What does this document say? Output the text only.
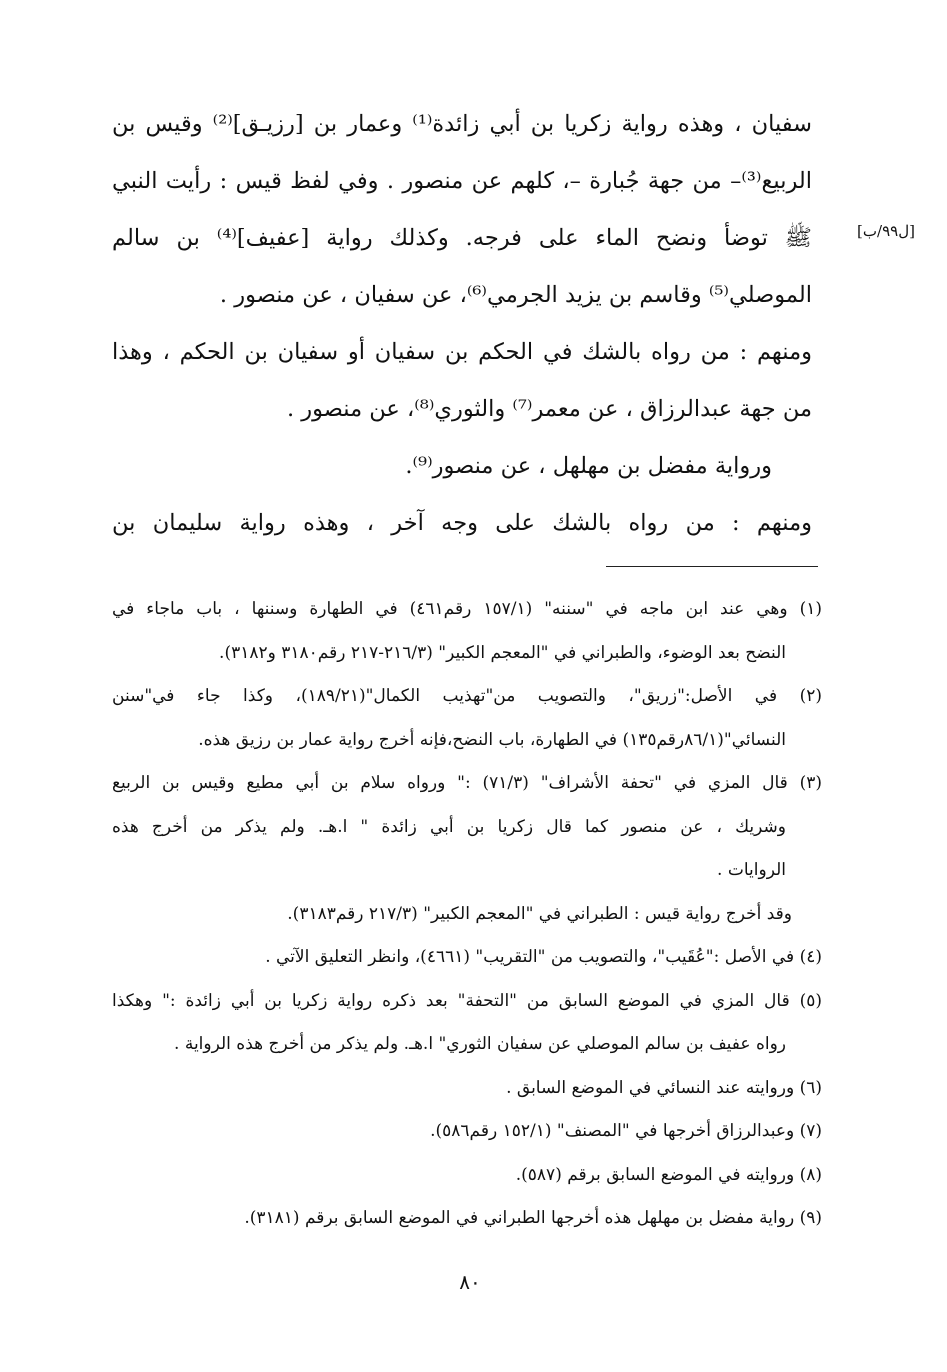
[ل٩٩/ب]
سفيان ، وهذه رواية زكريا بن أبي زائدة⁽¹⁾ وعمار بن [رزيـق]⁽²⁾ وقيس بن
الربيع⁽³⁾– من جهة جُبارة –، كلهم عن منصور . وفي لفظ قيس : رأيت النبي
ﷺ توضأ ونضح الماء على فرجه. وكذلك رواية [عفيف]⁽⁴⁾ بن سالم
الموصلي⁽⁵⁾ وقاسم بن يزيد الجرمي⁽⁶⁾، عن سفيان ، عن منصور .
ومنهم : من رواه بالشك في الحكم بن سفيان أو سفيان بن الحكم ، وهذا
من جهة عبدالرزاق ، عن معمر⁽⁷⁾ والثوري⁽⁸⁾، عن منصور .
ورواية مفضل بن مهلهل ، عن منصور⁽⁹⁾.
ومنهم : من رواه بالشك على وجه آخر ، وهذه رواية سليمان بن
(١) وهي عند ابن ماجه في "سننه" (١٥٧/١ رقم٤٦١) في الطهارة وسننها ، باب ماجاء في
النضح بعد الوضوء، والطبراني في "المعجم الكبير" (٢١٦/٣-٢١٧ رقم٣١٨٠ و٣١٨٢).
(٢) في الأصل:"زريق"، والتصويب من"تهذيب الكمال"(١٨٩/٢١)، وكذا جاء في"سنن
النسائي"(٨٦/١رقم١٣٥) في الطهارة، باب النضح،فإنه أخرج رواية عمار بن رزيق هذه.
(٣) قال المزي في "تحفة الأشراف" (٧١/٣) :" ورواه سلام بن أبي مطيع وقيس بن الربيع
وشريك ، عن منصور كما قال زكريا بن أبي زائدة " ا.هـ. ولم يذكر من أخرج هذه
الروايات .
وقد أخرج رواية قيس : الطبراني في "المعجم الكبير" (٢١٧/٣ رقم٣١٨٣).
(٤) في الأصل :"عُقَيب"، والتصويب من "التقريب" (٤٦٦١)، وانظر التعليق الآتي .
(٥) قال المزي في الموضع السابق من "التحفة" بعد ذكره رواية زكريا بن أبي زائدة :" وهكذا
رواه عفيف بن سالم الموصلي عن سفيان الثوري" ا.هـ. ولم يذكر من أخرج هذه الرواية .
(٦) وروايته عند النسائي في الموضع السابق .
(٧) وعبدالرزاق أخرجها في "المصنف" (١٥٢/١ رقم٥٨٦).
(٨) وروايته في الموضع السابق برقم (٥٨٧).
(٩) رواية مفضل بن مهلهل هذه أخرجها الطبراني في الموضع السابق برقم (٣١٨١).
٨٠
